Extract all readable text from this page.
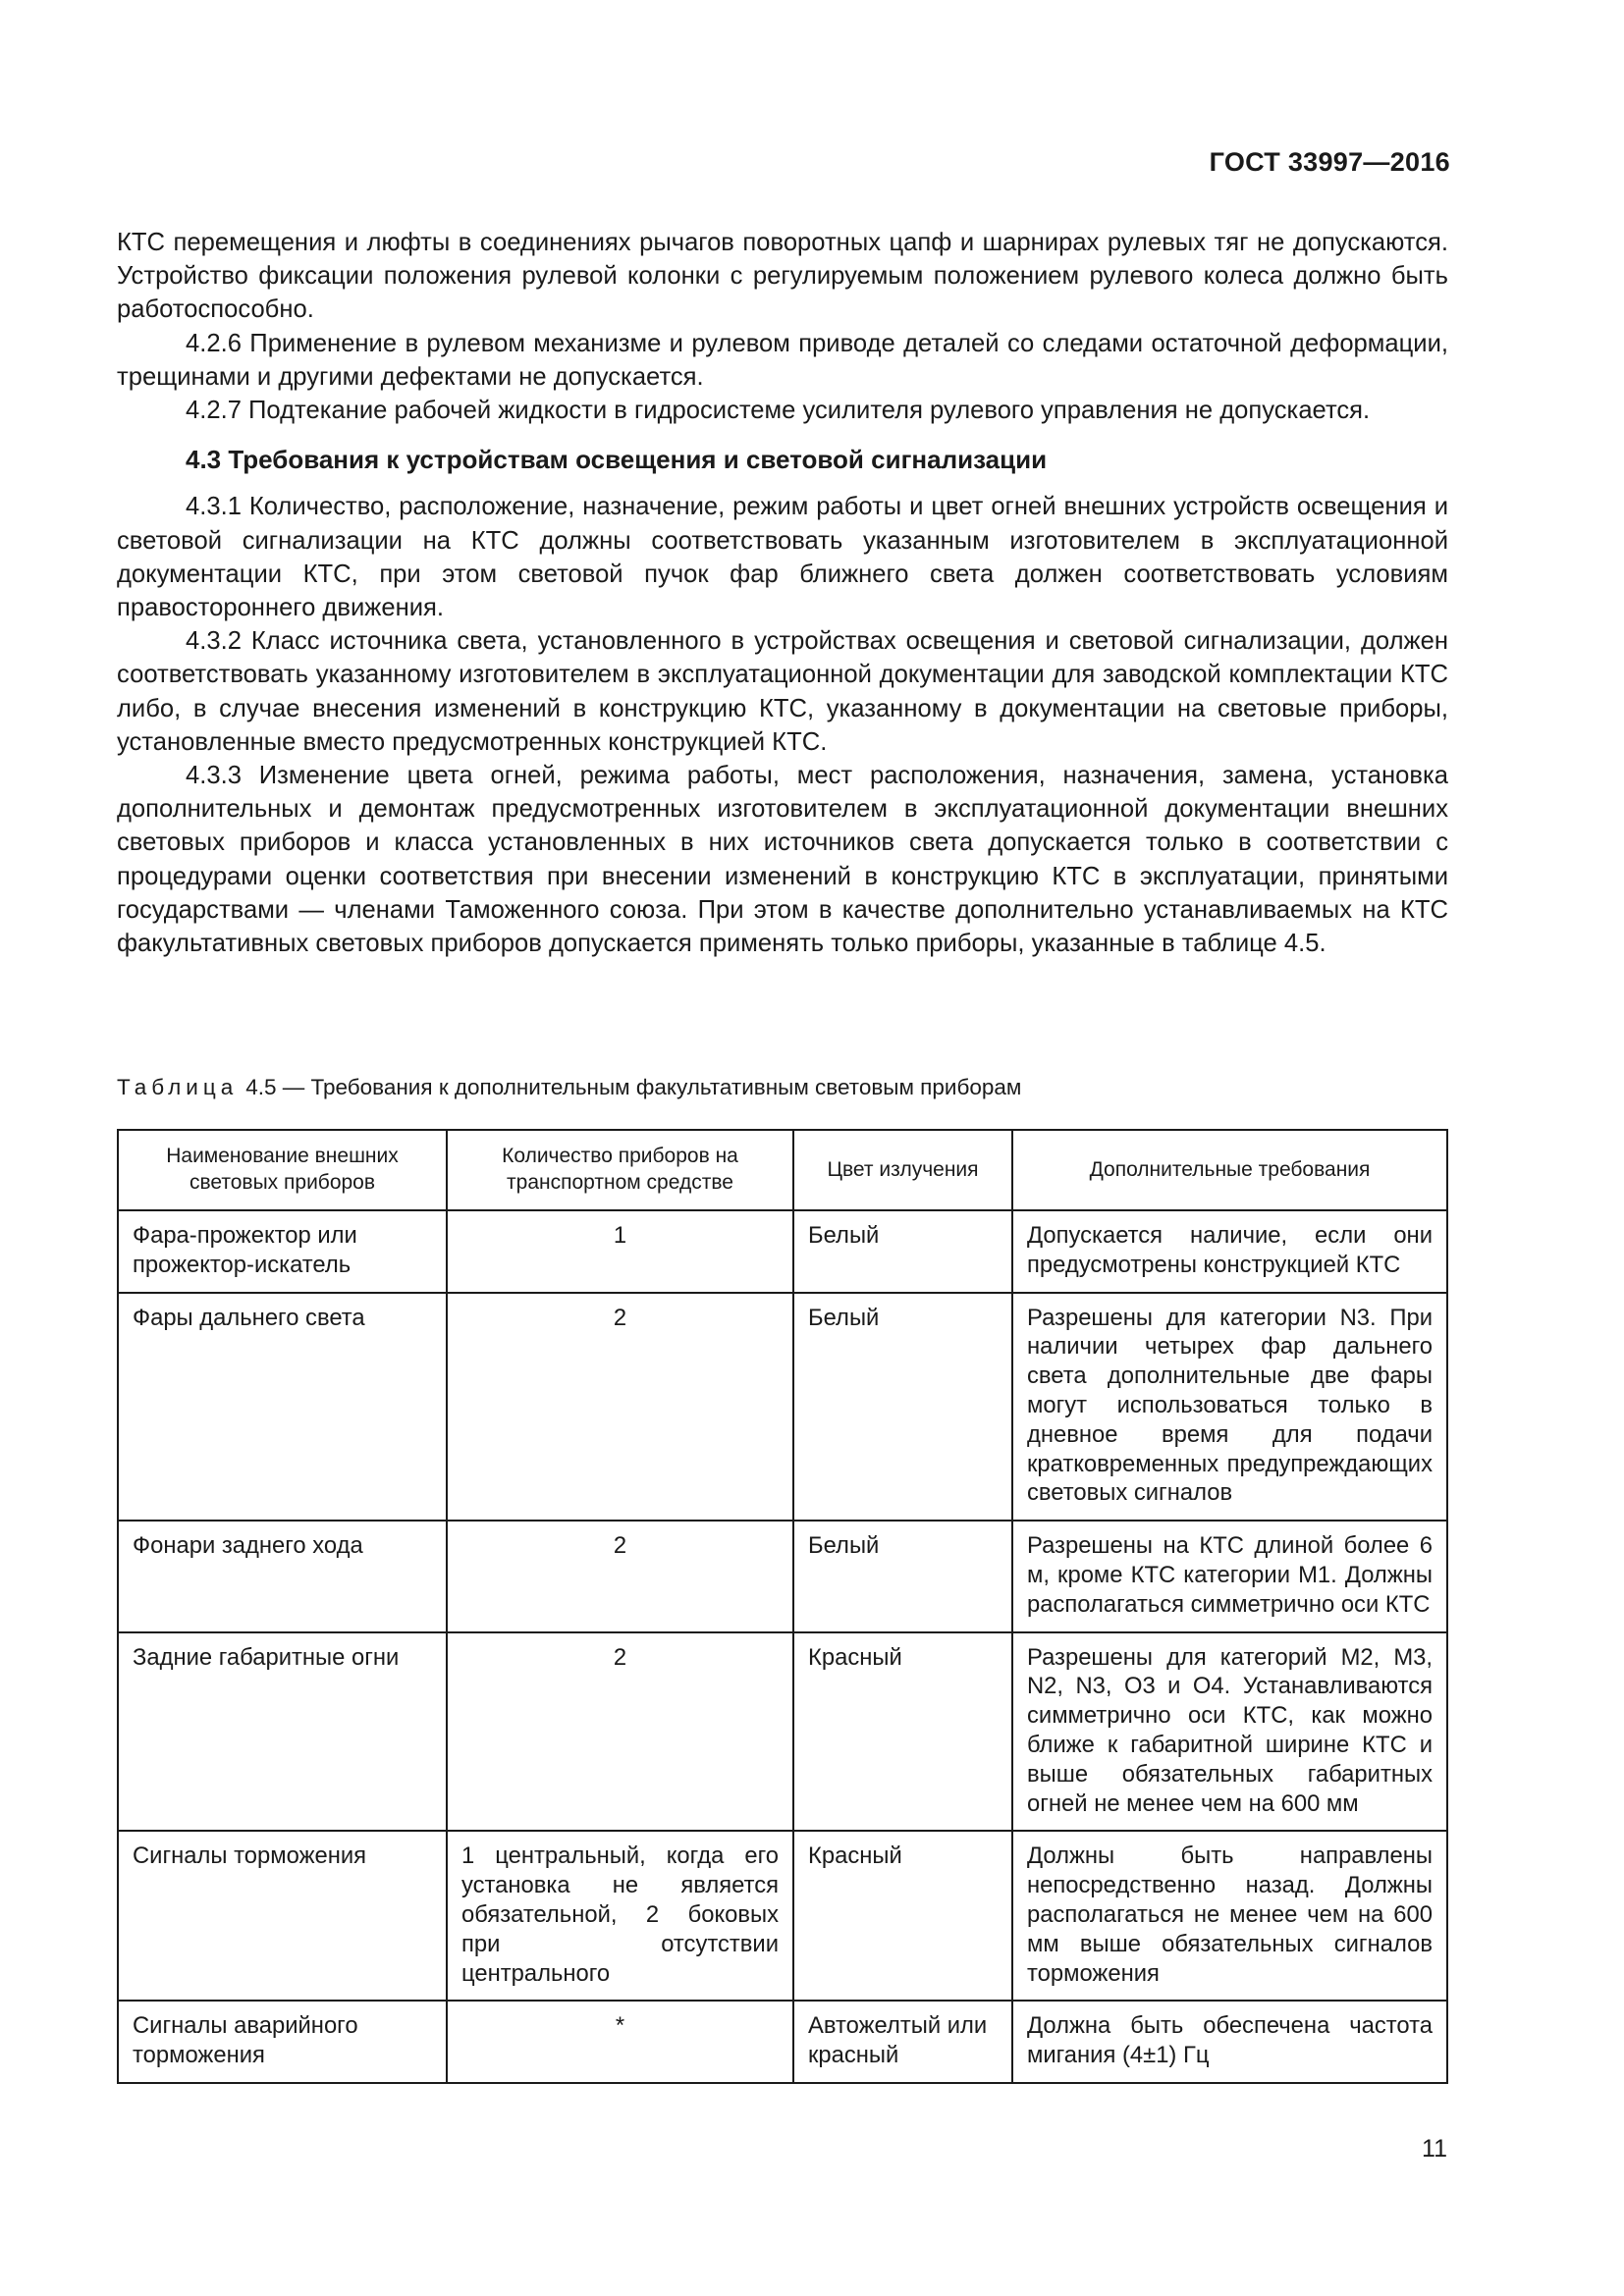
ГОСТ 33997—2016

КТС перемещения и люфты в соединениях рычагов поворотных цапф и шарнирах рулевых тяг не допускаются. Устройство фиксации положения рулевой колонки с регулируемым положением рулевого колеса должно быть работоспособно.

4.2.6 Применение в рулевом механизме и рулевом приводе деталей со следами остаточной деформации, трещинами и другими дефектами не допускается.

4.2.7 Подтекание рабочей жидкости в гидросистеме усилителя рулевого управления не допускается.

4.3 Требования к устройствам освещения и световой сигнализации

4.3.1 Количество, расположение, назначение, режим работы и цвет огней внешних устройств освещения и световой сигнализации на КТС должны соответствовать указанным изготовителем в эксплуатационной документации КТС, при этом световой пучок фар ближнего света должен соответствовать условиям правостороннего движения.

4.3.2 Класс источника света, установленного в устройствах освещения и световой сигнализации, должен соответствовать указанному изготовителем в эксплуатационной документации для заводской комплектации КТС либо, в случае внесения изменений в конструкцию КТС, указанному в документации на световые приборы, установленные вместо предусмотренных конструкцией КТС.

4.3.3 Изменение цвета огней, режима работы, мест расположения, назначения, замена, установка дополнительных и демонтаж предусмотренных изготовителем в эксплуатационной документации внешних световых приборов и класса установленных в них источников света допускается только в соответствии с процедурами оценки соответствия при внесении изменений в конструкцию КТС в эксплуатации, принятыми государствами — членами Таможенного союза. При этом в качестве дополнительно устанавливаемых на КТС факультативных световых приборов допускается применять только приборы, указанные в таблице 4.5.

Таблица 4.5 — Требования к дополнительным факультативным световым приборам
Наименование внешних световых приборов	Количество приборов на транспортном средстве	Цвет излучения	Дополнительные требования
Фара-прожектор или прожектор-искатель	1	Белый	Допускается наличие, если они предусмотрены конструкцией КТС
Фары дальнего света	2	Белый	Разрешены для категории N3. При наличии четырех фар дальнего света дополнительные две фары могут использоваться только в дневное время для подачи кратковременных предупреждающих световых сигналов
Фонари заднего хода	2	Белый	Разрешены на КТС длиной более 6 м, кроме КТС категории М1. Должны располагаться симметрично оси КТС
Задние габаритные огни	2	Красный	Разрешены для категорий М2, М3, N2, N3, О3 и О4. Устанавливаются симметрично оси КТС, как можно ближе к габаритной ширине КТС и выше обязательных габаритных огней не менее чем на 600 мм
Сигналы торможения	1 центральный, когда его установка не является обязательной, 2 боковых при отсутствии центрального	Красный	Должны быть направлены непосредственно назад. Должны располагаться не менее чем на 600 мм выше обязательных сигналов торможения
Сигналы аварийного торможения	*	Автожелтый или красный	Должна быть обеспечена частота мигания (4±1) Гц
11
